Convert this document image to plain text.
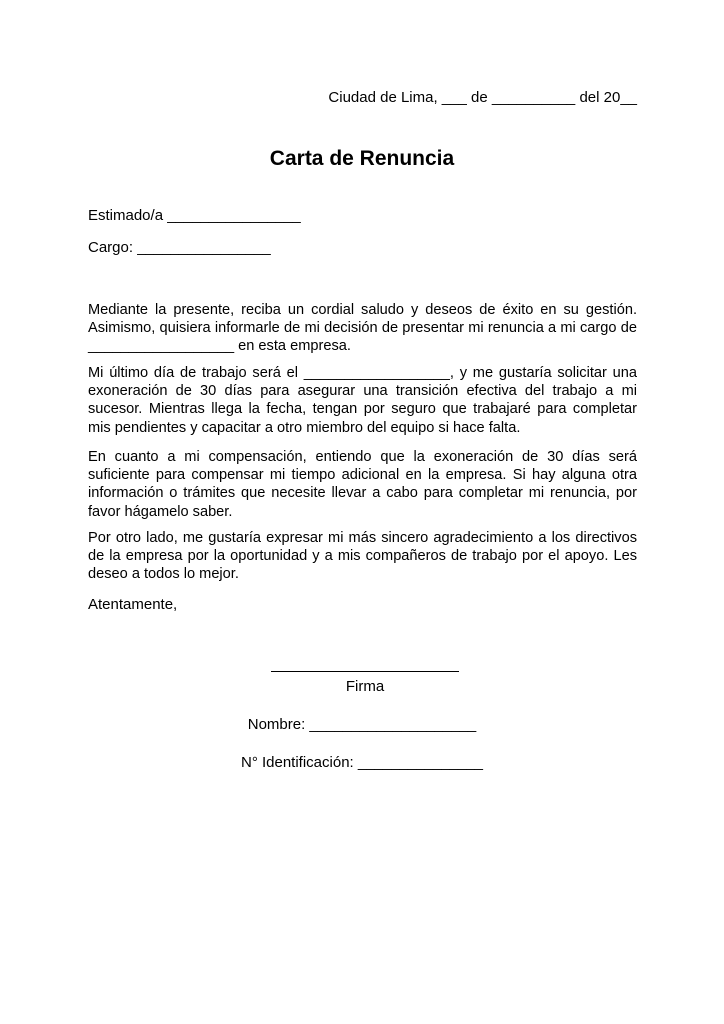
Ciudad de Lima, ___ de __________ del 20__
Carta de Renuncia
Estimado/a ________________
Cargo: ________________

Mediante la presente, reciba un cordial saludo y deseos de éxito en su gestión. Asimismo, quisiera informarle de mi decisión de presentar mi renuncia a mi cargo de __________________ en esta empresa.

Mi último día de trabajo será el __________________, y me gustaría solicitar una exoneración de 30 días para asegurar una transición efectiva del trabajo a mi sucesor. Mientras llega la fecha, tengan por seguro que trabajaré para completar mis pendientes y capacitar a otro miembro del equipo si hace falta.

En cuanto a mi compensación, entiendo que la exoneración de 30 días será suficiente para compensar mi tiempo adicional en la empresa. Si hay alguna otra información o trámites que necesite llevar a cabo para completar mi renuncia, por favor hágamelo saber.

Por otro lado, me gustaría expresar mi más sincero agradecimiento a los directivos de la empresa por la oportunidad y a mis compañeros de trabajo por el apoyo. Les deseo a todos lo mejor.

Atentamente,
Firma
Nombre: ____________________
N° Identificación: _______________
